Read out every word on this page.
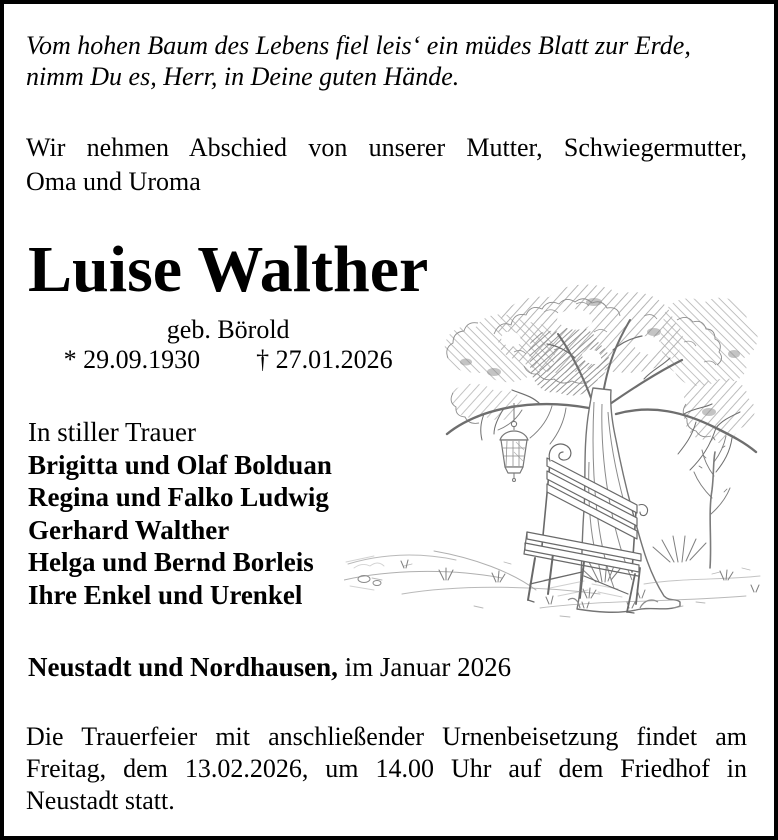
Vom hohen Baum des Lebens fiel leis‘ ein müdes Blatt zur Erde,
nimm Du es, Herr, in Deine guten Hände.
Wir nehmen Abschied von unserer Mutter, Schwiegermutter,
Oma und Uroma
Luise Walther
geb. Börold
* 29.09.1930 † 27.01.2026
In stiller Trauer
Brigitta und Olaf Bolduan
Regina und Falko Ludwig
Gerhard Walther
Helga und Bernd Borleis
Ihre Enkel und Urenkel
Neustadt und Nordhausen, im Januar 2026
Die Trauerfeier mit anschließender Urnenbeisetzung findet am
Freitag, dem 13.02.2026, um 14.00 Uhr auf dem Friedhof in
Neustadt statt.
